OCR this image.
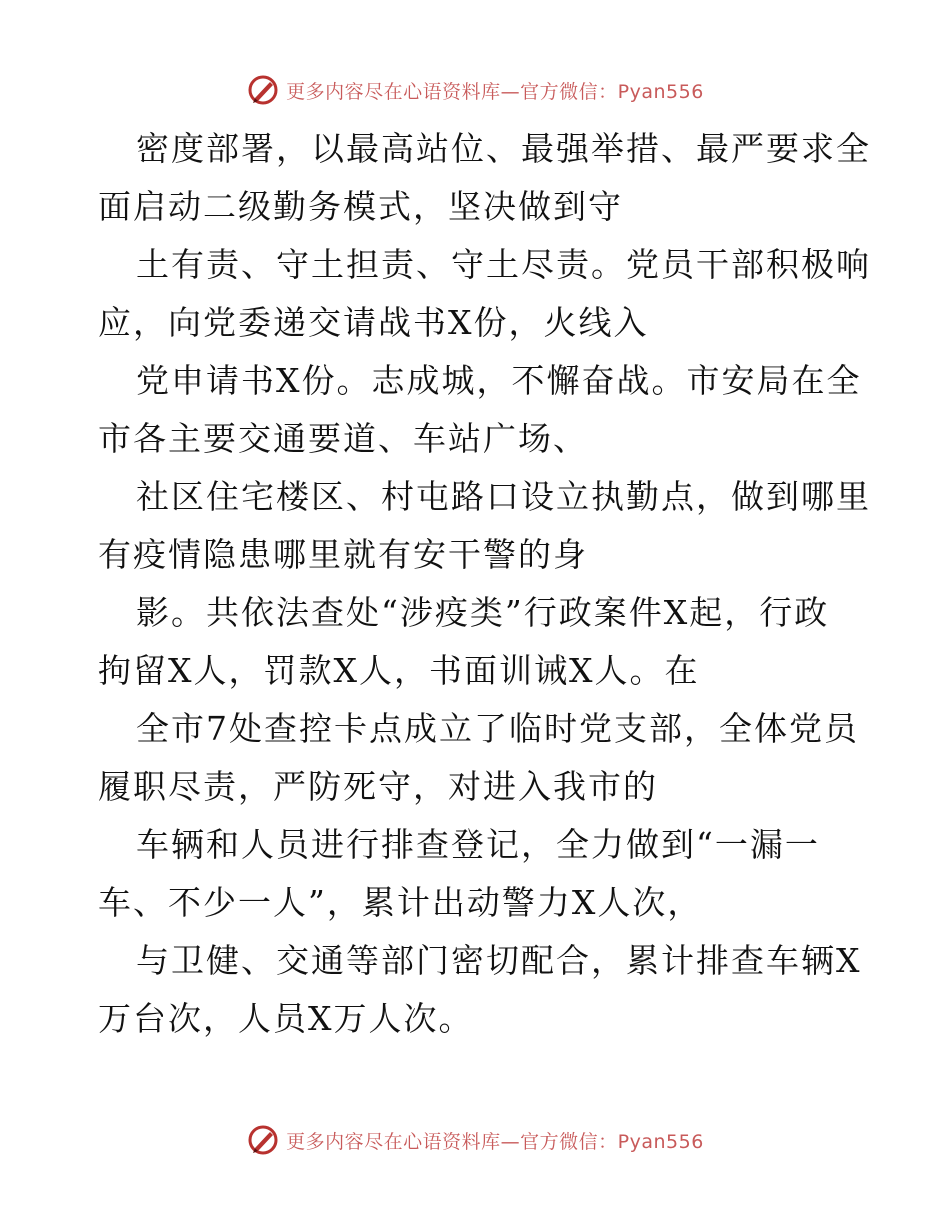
更多内容尽在心语资料库—官方微信：Pyan556
密度部署，以最高站位、最强举措、最严要求全
面启动二级勤务模式，坚决做到守
土有责、守土担责、守土尽责。党员干部积极响
应，向党委递交请战书X份，火线入
党申请书X份。志成城，不懈奋战。市安局在全
市各主要交通要道、车站广场、
社区住宅楼区、村屯路口设立执勤点，做到哪里
有疫情隐患哪里就有安干警的身
影。共依法查处“涉疫类”行政案件X起，行政
拘留X人，罚款X人，书面训诫X人。在
全市7处查控卡点成立了临时党支部，全体党员
履职尽责，严防死守，对进入我市的
车辆和人员进行排查登记，全力做到“一漏一
车、不少一人”，累计出动警力X人次，
与卫健、交通等部门密切配合，累计排查车辆X
万台次，人员X万人次。
更多内容尽在心语资料库—官方微信：Pyan556
